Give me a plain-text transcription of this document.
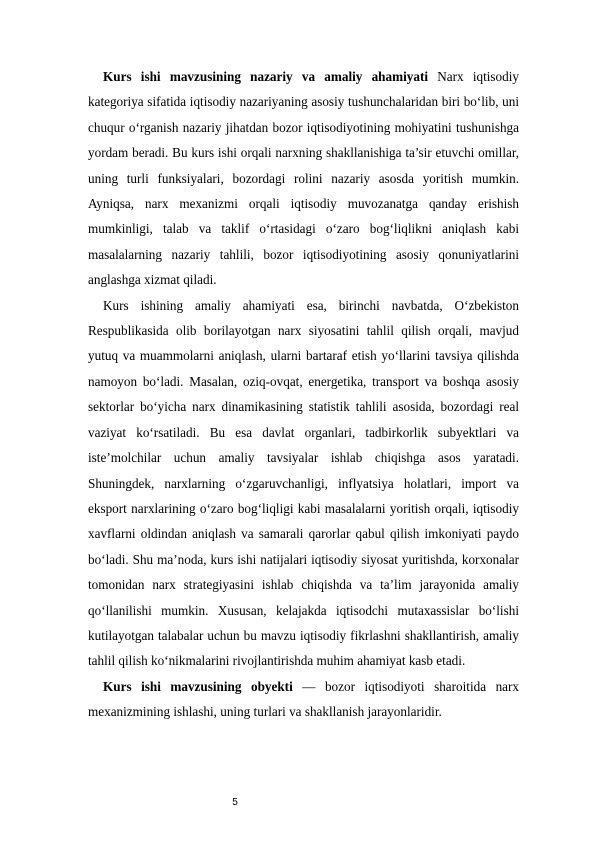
Kurs ishi mavzusining nazariy va amaliy ahamiyati Narx iqtisodiy kategoriya sifatida iqtisodiy nazariyaning asosiy tushunchalaridan biri bo‘lib, uni chuqur o‘rganish nazariy jihatdan bozor iqtisodiyotining mohiyatini tushunishga yordam beradi. Bu kurs ishi orqali narxning shakllanishiga ta’sir etuvchi omillar, uning turli funksiyalari, bozordagi rolini nazariy asosda yoritish mumkin. Ayniqsa, narx mexanizmi orqali iqtisodiy muvozanatga qanday erishish mumkinligi, talab va taklif o‘rtasidagi o‘zaro bog‘liqlikni aniqlash kabi masalalarning nazariy tahlili, bozor iqtisodiyotining asosiy qonuniyatlarini anglashga xizmat qiladi.

Kurs ishining amaliy ahamiyati esa, birinchi navbatda, O‘zbekiston Respublikasida olib borilayotgan narx siyosatini tahlil qilish orqali, mavjud yutuq va muammolarni aniqlash, ularni bartaraf etish yo‘llarini tavsiya qilishda namoyon bo‘ladi. Masalan, oziq-ovqat, energetika, transport va boshqa asosiy sektorlar bo‘yicha narx dinamikasining statistik tahlili asosida, bozordagi real vaziyat ko‘rsatiladi. Bu esa davlat organlari, tadbirkorlik subyektlari va iste’molchilar uchun amaliy tavsiyalar ishlab chiqishga asos yaratadi. Shuningdek, narxlarning o‘zgaruvchanligi, inflyatsiya holatlari, import va eksport narxlarining o‘zaro bog‘liqligi kabi masalalarni yoritish orqali, iqtisodiy xavflarni oldindan aniqlash va samarali qarorlar qabul qilish imkoniyati paydo bo‘ladi. Shu ma’noda, kurs ishi natijalari iqtisodiy siyosat yuritishda, korxonalar tomonidan narx strategiyasini ishlab chiqishda va ta’lim jarayonida amaliy qo‘llanilishi mumkin. Xususan, kelajakda iqtisodchi mutaxassislar bo‘lishi kutilayotgan talabalar uchun bu mavzu iqtisodiy fikrlashni shakllantirish, amaliy tahlil qilish ko‘nikmalarini rivojlantirishda muhim ahamiyat kasb etadi.

Kurs ishi mavzusining obyekti — bozor iqtisodiyoti sharoitida narx mexanizmining ishlashi, uning turlari va shakllanish jarayonlaridir.

5
